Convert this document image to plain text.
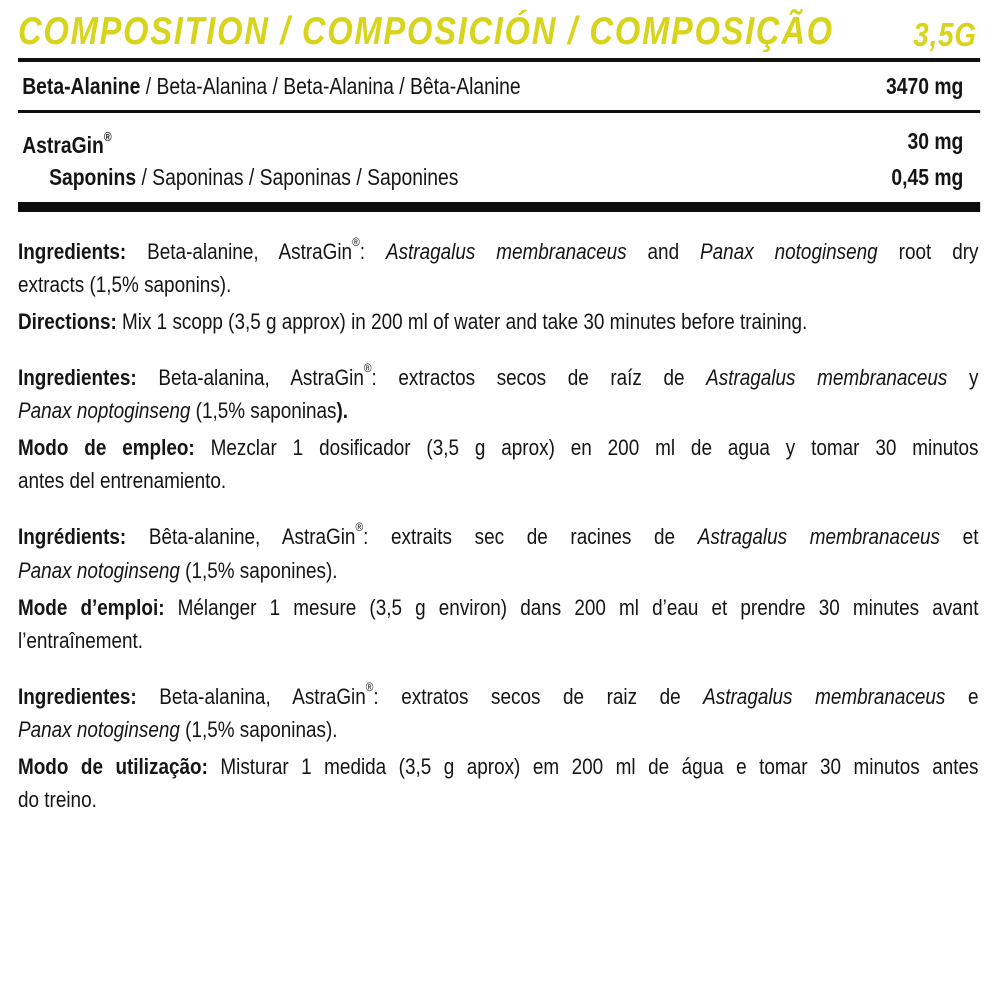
COMPOSITION / COMPOSICIÓN / COMPOSIÇÃO 3,5G
Beta-Alanine / Beta-Alanina / Beta-Alanina / Bêta-Alanine	3470 mg
AstraGin®	30 mg
Saponins / Saponinas / Saponinas / Saponines	0,45 mg
Ingredients: Beta-alanine, AstraGin®: Astragalus membranaceus and Panax notoginseng root dry
extracts (1,5% saponins).
Directions: Mix 1 scopp (3,5 g approx) in 200 ml of water and take 30 minutes before training.
Ingredientes: Beta-alanina, AstraGin®: extractos secos de raíz de Astragalus membranaceus y
Panax noptoginseng (1,5% saponinas).
Modo de empleo: Mezclar 1 dosificador (3,5 g aprox) en 200 ml de agua y tomar 30 minutos
antes del entrenamiento.
Ingrédients: Bêta-alanine, AstraGin®: extraits sec de racines de Astragalus membranaceus et
Panax notoginseng (1,5% saponines).
Mode d’emploi: Mélanger 1 mesure (3,5 g environ) dans 200 ml d’eau et prendre 30 minutes avant
l’entraînement.
Ingredientes: Beta-alanina, AstraGin®: extratos secos de raiz de Astragalus membranaceus e
Panax notoginseng (1,5% saponinas).
Modo de utilização: Misturar 1 medida (3,5 g aprox) em 200 ml de água e tomar 30 minutos antes
do treino.
